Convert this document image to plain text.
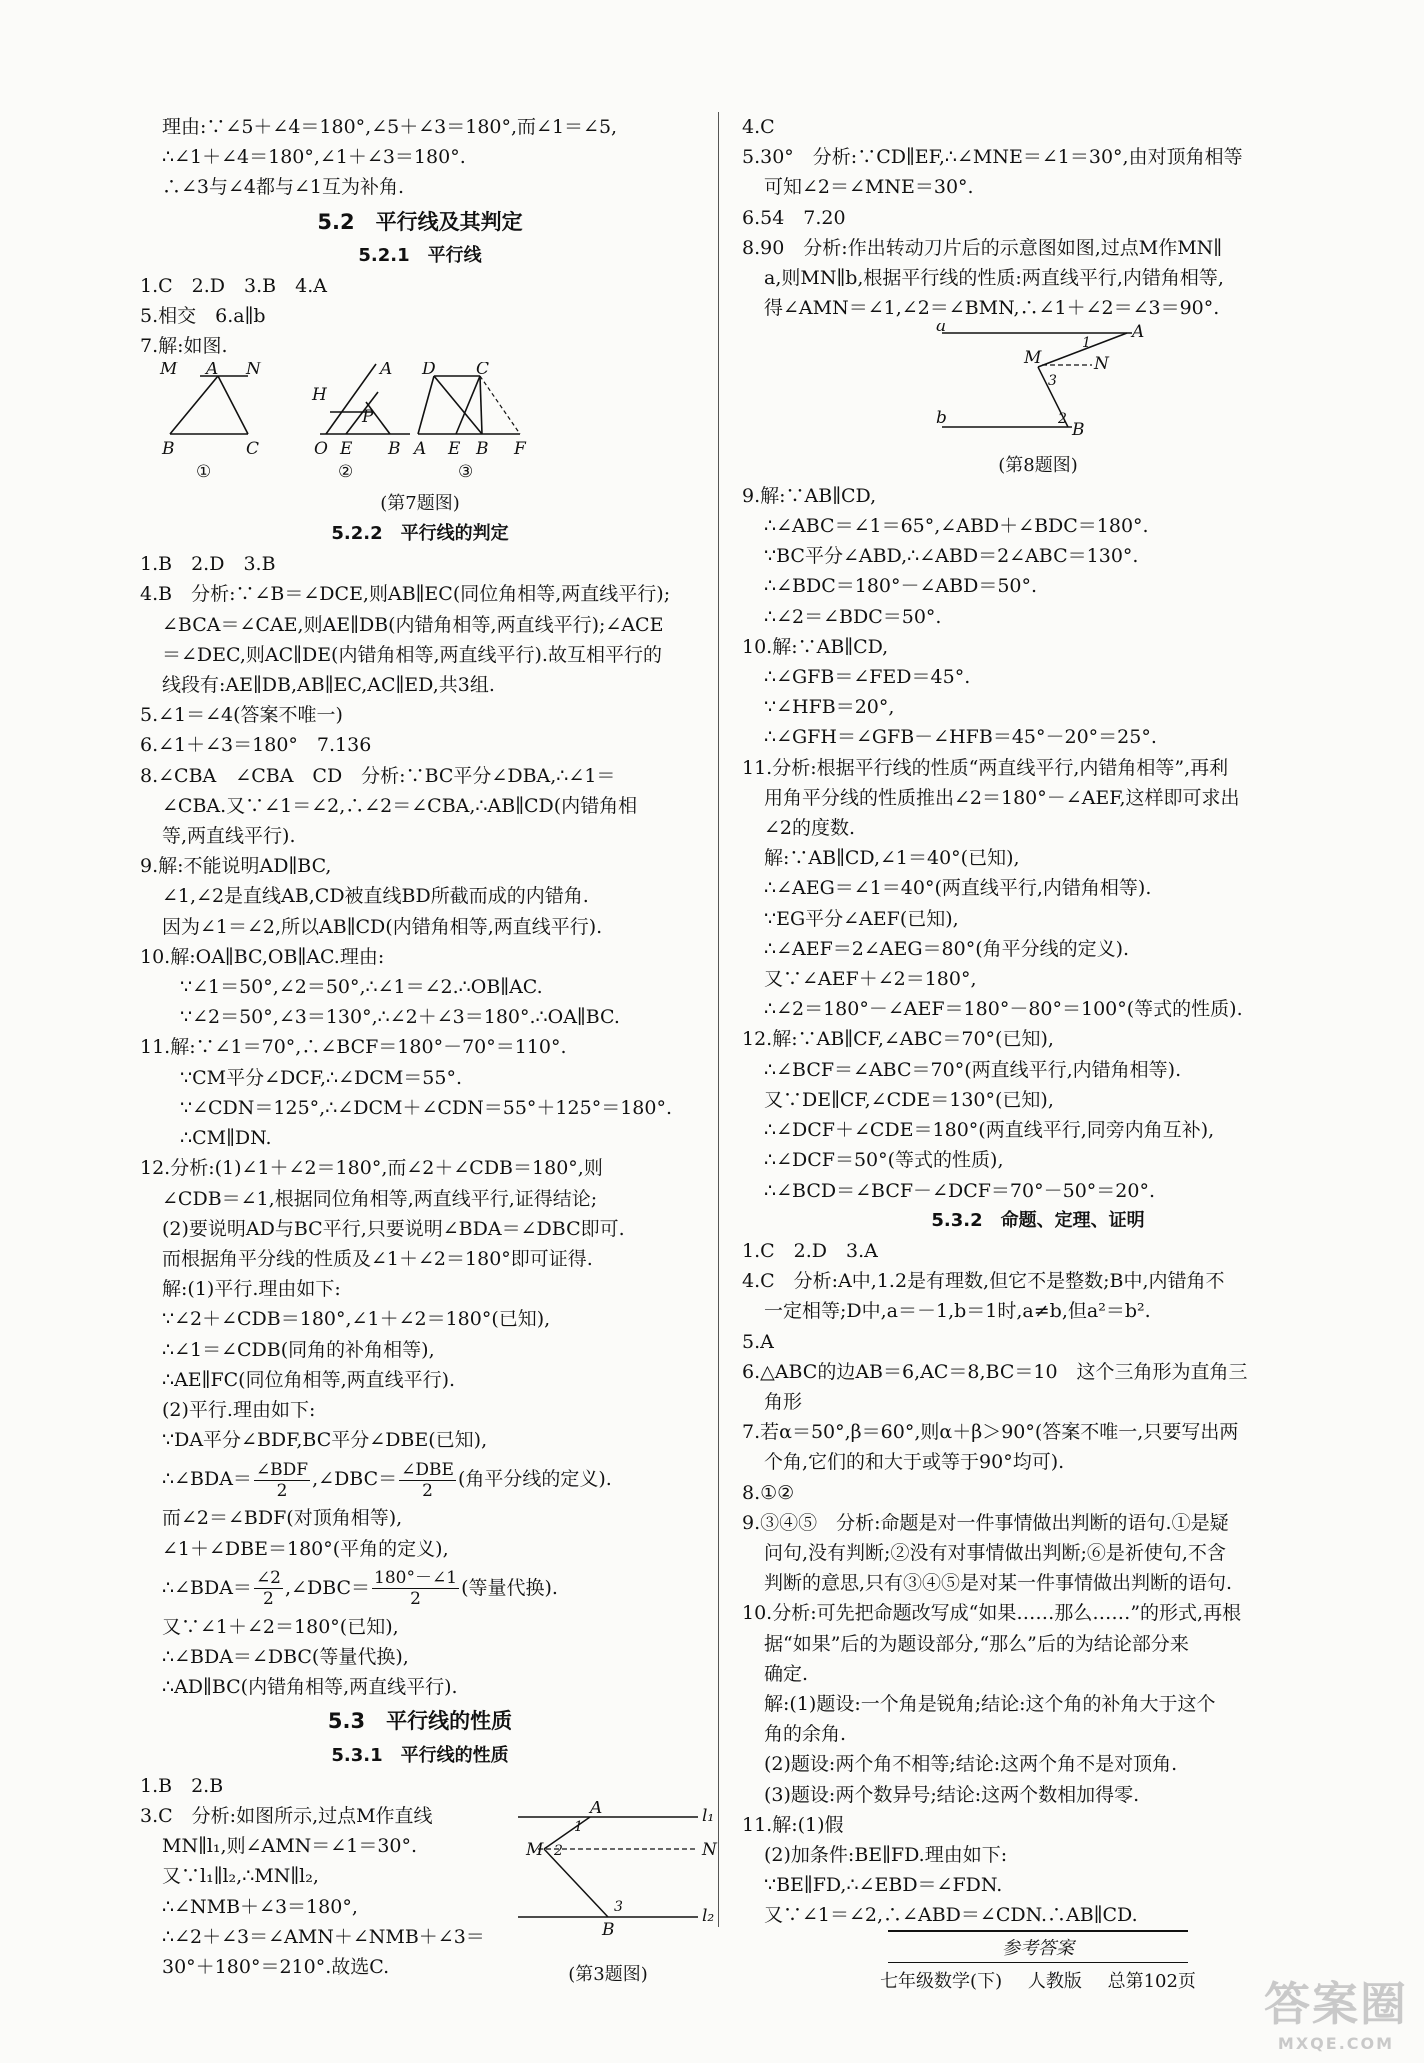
理由:∵∠5＋∠4＝180°,∠5＋∠3＝180°,而∠1＝∠5,

∴∠1＋∠4＝180°,∠1＋∠3＝180°.

∴∠3与∠4都与∠1互为补角.

5.2　平行线及其判定
5.2.1　平行线

1.C　2.D　3.B　4.A

5.相交　6.a∥b

7.解:如图.

M A N
B	C
①
A
H
P
O E B
②
D C
A E B F
③
(第7题图)
5.2.2　平行线的判定

1.B　2.D　3.B

4.B　分析:∵∠B＝∠DCE,则AB∥EC(同位角相等,两直线平行);

∠BCA＝∠CAE,则AE∥DB(内错角相等,两直线平行);∠ACE

＝∠DEC,则AC∥DE(内错角相等,两直线平行).故互相平行的

线段有:AE∥DB,AB∥EC,AC∥ED,共3组.

5.∠1＝∠4(答案不唯一)

6.∠1＋∠3＝180°　7.136

8.∠CBA　∠CBA　CD　分析:∵BC平分∠DBA,∴∠1＝

∠CBA.又∵∠1＝∠2,∴∠2＝∠CBA,∴AB∥CD(内错角相

等,两直线平行).

9.解:不能说明AD∥BC,

∠1,∠2是直线AB,CD被直线BD所截而成的内错角.

因为∠1＝∠2,所以AB∥CD(内错角相等,两直线平行).

10.解:OA∥BC,OB∥AC.理由:

∵∠1＝50°,∠2＝50°,∴∠1＝∠2.∴OB∥AC.

∵∠2＝50°,∠3＝130°,∴∠2＋∠3＝180°.∴OA∥BC.

11.解:∵∠1＝70°,∴∠BCF＝180°－70°＝110°.

∵CM平分∠DCF,∴∠DCM＝55°.

∵∠CDN＝125°,∴∠DCM＋∠CDN＝55°＋125°＝180°.

∴CM∥DN.

12.分析:(1)∠1＋∠2＝180°,而∠2＋∠CDB＝180°,则

∠CDB＝∠1,根据同位角相等,两直线平行,证得结论;

(2)要说明AD与BC平行,只要说明∠BDA＝∠DBC即可.

而根据角平分线的性质及∠1＋∠2＝180°即可证得.

解:(1)平行.理由如下:

∵∠2＋∠CDB＝180°,∠1＋∠2＝180°(已知),

∴∠1＝∠CDB(同角的补角相等),

∴AE∥FC(同位角相等,两直线平行).

(2)平行.理由如下:

∵DA平分∠BDF,BC平分∠DBE(已知),

∴∠BDA＝ $\frac{\text{∠BDF}}{2}$ ,∠DBC＝ $\frac{\text{∠DBE}}{2}$ (角平分线的定义).

而∠2＝∠BDF(对顶角相等),

∠1＋∠DBE＝180°(平角的定义),

∴∠BDA＝ $\frac{\angle 2}{2}$ ,∠DBC＝ $\frac{180^\circ-\angle 1}{2}$ (等量代换).

又∵∠1＋∠2＝180°(已知),

∴∠BDA＝∠DBC(等量代换),

∴AD∥BC(内错角相等,两直线平行).

5.3　平行线的性质
5.3.1　平行线的性质

1.B　2.B

3.C　分析:如图所示,过点M作直线

MN∥l₁,则∠AMN＝∠1＝30°.

又∵l₁∥l₂,∴MN∥l₂,

∴∠NMB＋∠3＝180°,

∴∠2＋∠3＝∠AMN＋∠NMB＋∠3＝

30°＋180°＝210°.故选C.

A	l₁
M	N
1
2
3
B
l₂
(第3题图)

4.C

5.30°　分析:∵CD∥EF,∴∠MNE＝∠1＝30°,由对顶角相等

可知∠2＝∠MNE＝30°.

6.54　7.20

8.90　分析:作出转动刀片后的示意图如图,过点M作MN∥

a,则MN∥b,根据平行线的性质:两直线平行,内错角相等,

得∠AMN＝∠1,∠2＝∠BMN,∴∠1＋∠2＝∠3＝90°.

a	A
M	N
1
3
2
b
B
(第8题图)

9.解:∵AB∥CD,

∴∠ABC＝∠1＝65°,∠ABD＋∠BDC＝180°.

∵BC平分∠ABD,∴∠ABD＝2∠ABC＝130°.

∴∠BDC＝180°－∠ABD＝50°.

∴∠2＝∠BDC＝50°.

10.解:∵AB∥CD,

∴∠GFB＝∠FED＝45°.

∵∠HFB＝20°,

∴∠GFH＝∠GFB－∠HFB＝45°－20°＝25°.

11.分析:根据平行线的性质“两直线平行,内错角相等”,再利

用角平分线的性质推出∠2＝180°－∠AEF,这样即可求出

∠2的度数.

解:∵AB∥CD,∠1＝40°(已知),

∴∠AEG＝∠1＝40°(两直线平行,内错角相等).

∵EG平分∠AEF(已知),

∴∠AEF＝2∠AEG＝80°(角平分线的定义).

又∵∠AEF＋∠2＝180°,

∴∠2＝180°－∠AEF＝180°－80°＝100°(等式的性质).

12.解:∵AB∥CF,∠ABC＝70°(已知),

∴∠BCF＝∠ABC＝70°(两直线平行,内错角相等).

又∵DE∥CF,∠CDE＝130°(已知),

∴∠DCF＋∠CDE＝180°(两直线平行,同旁内角互补),

∴∠DCF＝50°(等式的性质),

∴∠BCD＝∠BCF－∠DCF＝70°－50°＝20°.

5.3.2　命题、定理、证明

1.C　2.D　3.A

4.C　分析:A中,1.2是有理数,但它不是整数;B中,内错角不

一定相等;D中,a＝－1,b＝1时,a≠b,但a²＝b².

5.A

6.△ABC的边AB＝6,AC＝8,BC＝10　这个三角形为直角三

角形

7.若α＝50°,β＝60°,则α＋β＞90°(答案不唯一,只要写出两

个角,它们的和大于或等于90°均可).

8.①②

9.③④⑤　分析:命题是对一件事情做出判断的语句.①是疑

问句,没有判断;②没有对事情做出判断;⑥是祈使句,不含

判断的意思,只有③④⑤是对某一件事情做出判断的语句.

10.分析:可先把命题改写成“如果……那么……”的形式,再根

据“如果”后的为题设部分,“那么”后的为结论部分来

确定.

解:(1)题设:一个角是锐角;结论:这个角的补角大于这个

角的余角.

(2)题设:两个角不相等;结论:这两个角不是对顶角.

(3)题设:两个数异号;结论:这两个数相加得零.

11.解:(1)假

(2)加条件:BE∥FD.理由如下:

∵BE∥FD,∴∠EBD＝∠FDN.

又∵∠1＝∠2,∴∠ABD＝∠CDN.∴AB∥CD.

参考答案
七年级数学(下) 人教版 总第102页	答案圈
MXQE.COM
